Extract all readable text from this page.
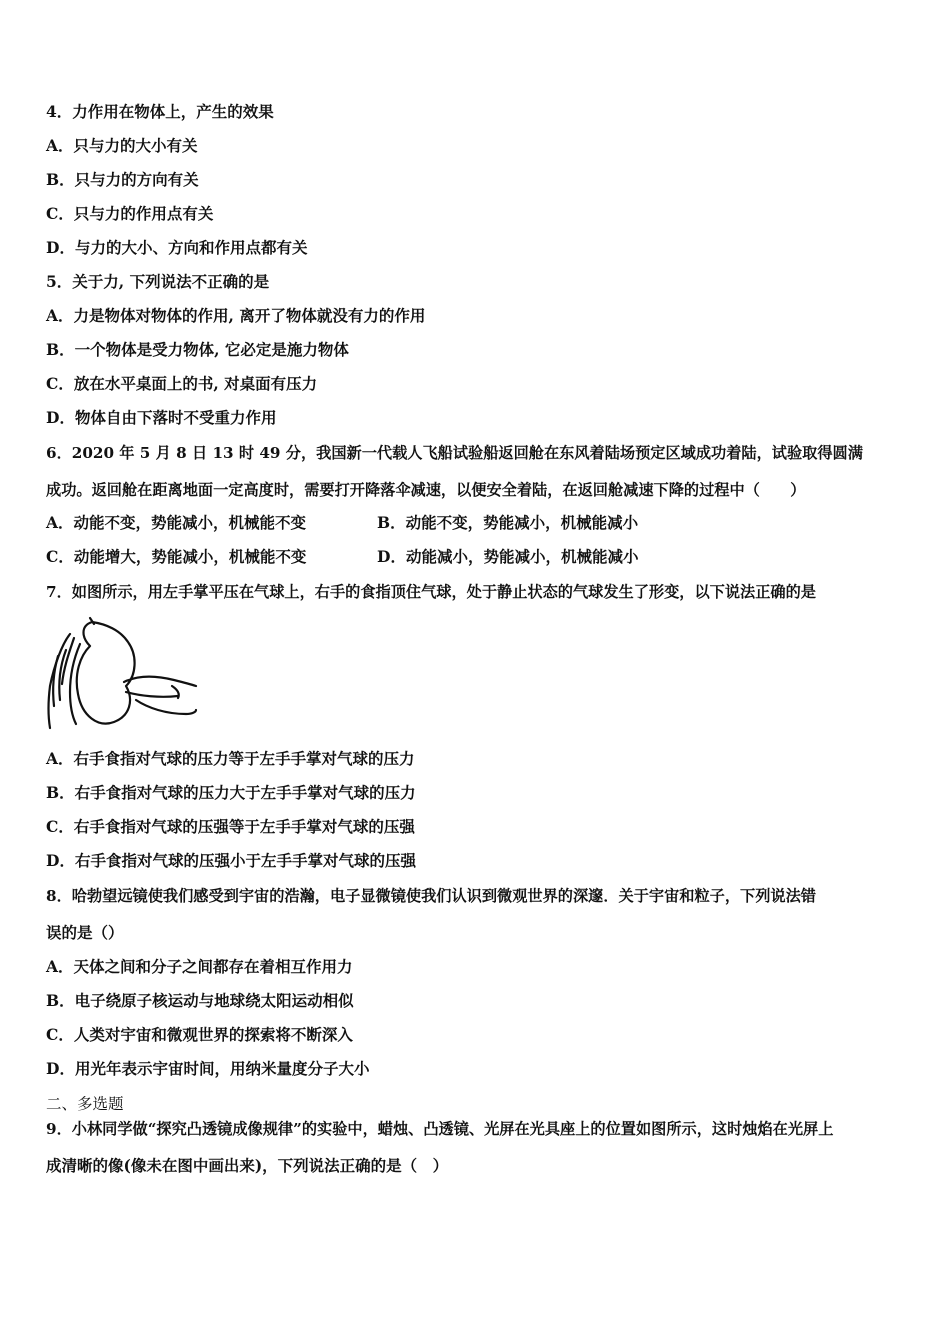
4．力作用在物体上，产生的效果
A．只与力的大小有关
B．只与力的方向有关
C．只与力的作用点有关
D．与力的大小、方向和作用点都有关
5．关于力, 下列说法不正确的是
A．力是物体对物体的作用, 离开了物体就没有力的作用
B．一个物体是受力物体, 它必定是施力物体
C．放在水平桌面上的书, 对桌面有压力
D．物体自由下落时不受重力作用
6．2020 年 5 月 8 日 13 时 49 分，我国新一代载人飞船试验船返回舱在东风着陆场预定区域成功着陆，试验取得圆满
成功。返回舱在距离地面一定高度时，需要打开降落伞减速，以便安全着陆，在返回舱减速下降的过程中（　　）
A．动能不变，势能减小，机械能不变	B．动能不变，势能减小，机械能减小
C．动能增大，势能减小，机械能不变	D．动能减小，势能减小，机械能减小
7．如图所示，用左手掌平压在气球上，右手的食指顶住气球，处于静止状态的气球发生了形变，以下说法正确的是
A．右手食指对气球的压力等于左手手掌对气球的压力
B．右手食指对气球的压力大于左手手掌对气球的压力
C．右手食指对气球的压强等于左手手掌对气球的压强
D．右手食指对气球的压强小于左手手掌对气球的压强
8．哈勃望远镜使我们感受到宇宙的浩瀚，电子显微镜使我们认识到微观世界的深邃．关于宇宙和粒子，下列说法错
误的是（）
A．天体之间和分子之间都存在着相互作用力
B．电子绕原子核运动与地球绕太阳运动相似
C．人类对宇宙和微观世界的探索将不断深入
D．用光年表示宇宙时间，用纳米量度分子大小
二、多选题
9．小林同学做“探究凸透镜成像规律”的实验中，蜡烛、凸透镜、光屏在光具座上的位置如图所示，这时烛焰在光屏上
成清晰的像(像未在图中画出来)，下列说法正确的是（　）
